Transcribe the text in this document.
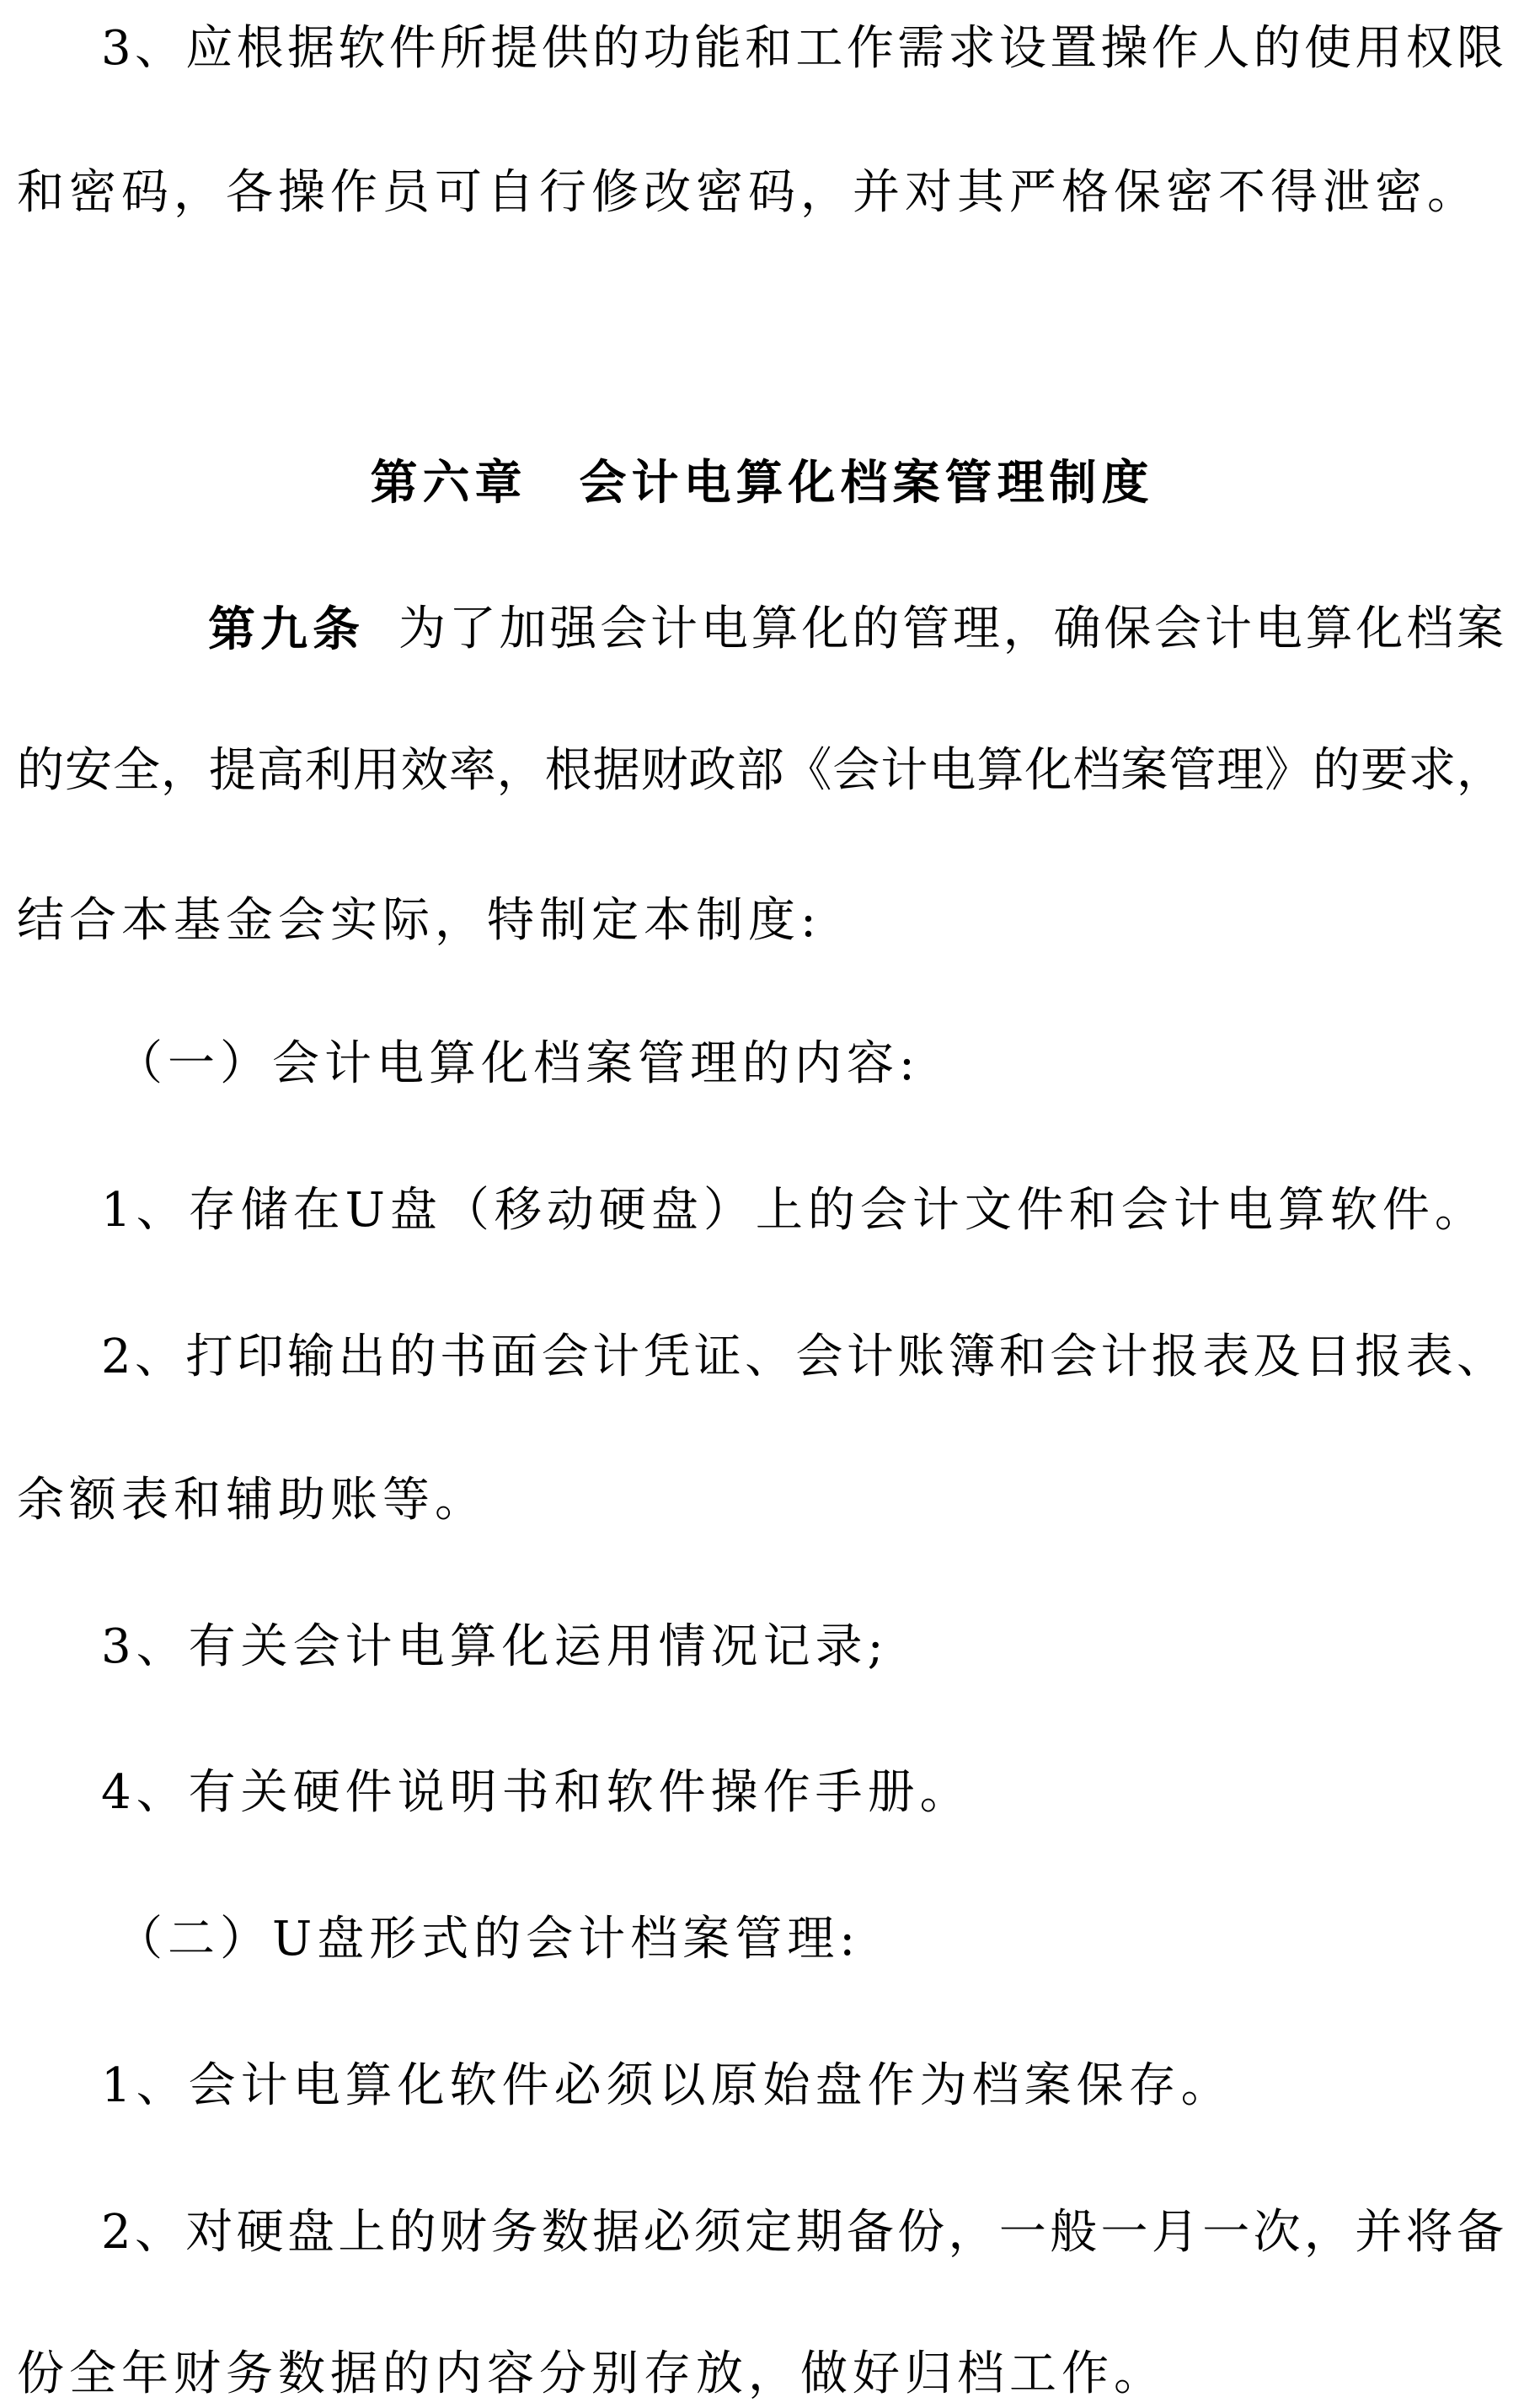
3、应根据软件所提供的功能和工作需求设置操作人的使用权限
和密码，各操作员可自行修改密码，并对其严格保密不得泄密。
第六章　会计电算化档案管理制度
第九条 为了加强会计电算化的管理，确保会计电算化档案
的安全，提高利用效率，根据财政部《会计电算化档案管理》的要求，
结合本基金会实际，特制定本制度:
（一）会计电算化档案管理的内容:
1、存储在U盘（移动硬盘）上的会计文件和会计电算软件。
2、打印输出的书面会计凭证、会计账簿和会计报表及日报表、
余额表和辅助账等。
3、有关会计电算化运用情况记录;
4、有关硬件说明书和软件操作手册。
（二）U盘形式的会计档案管理:
1、会计电算化软件必须以原始盘作为档案保存。
2、对硬盘上的财务数据必须定期备份，一般一月一次，并将备
份全年财务数据的内容分别存放，做好归档工作。
